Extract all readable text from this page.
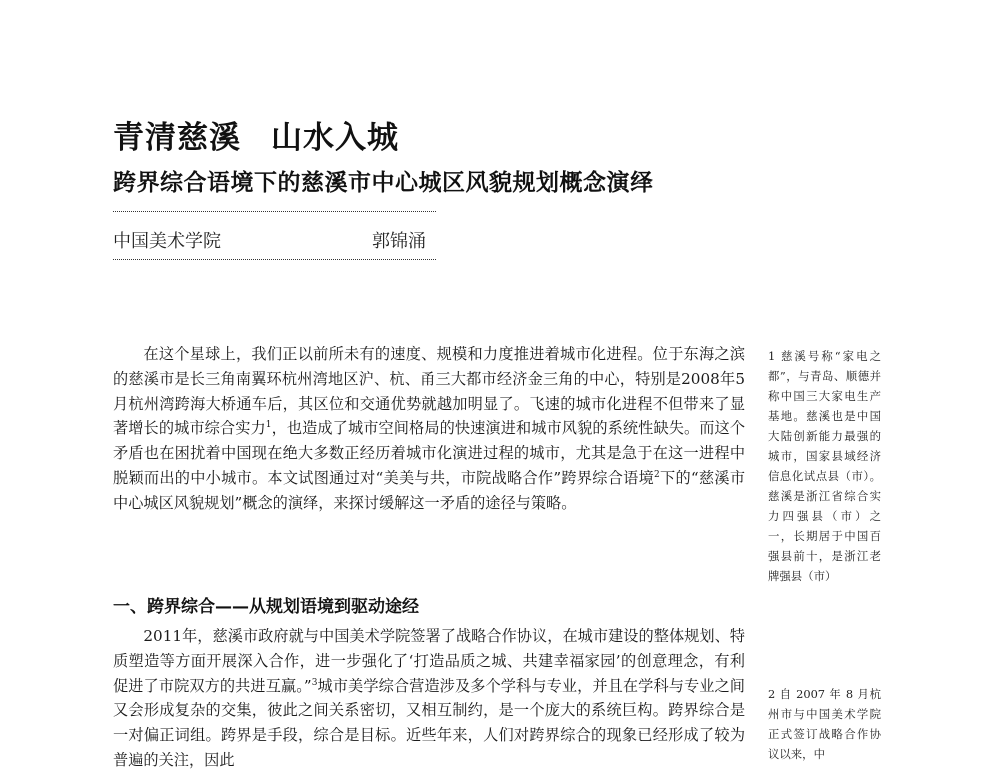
青清慈溪 山水入城
跨界综合语境下的慈溪市中心城区风貌规划概念演绎
中国美术学院	郭锦涌

在这个星球上，我们正以前所未有的速度、规模和力度推进着城市化进程。位于东海之滨的慈溪市是长三角南翼环杭州湾地区沪、杭、甬三大都市经济金三角的中心，特别是2008年5月杭州湾跨海大桥通车后，其区位和交通优势就越加明显了。飞速的城市化进程不但带来了显著增长的城市综合实力$^1$，也造成了城市空间格局的快速演进和城市风貌的系统性缺失。而这个矛盾也在困扰着中国现在绝大多数正经历着城市化演进过程的城市，尤其是急于在这一进程中脱颖而出的中小城市。本文试图通过对“美美与共，市院战略合作”跨界综合语境$^2$下的“慈溪市中心城区风貌规划”概念的演绎，来探讨缓解这一矛盾的途径与策略。

一、跨界综合——从规划语境到驱动途经

2011年，慈溪市政府就与中国美术学院签署了战略合作协议，在城市建设的整体规划、特质塑造等方面开展深入合作，进一步强化了‘打造品质之城、共建幸福家园’的创意理念，有利促进了市院双方的共进互赢。”$^3$城市美学综合营造涉及多个学科与专业，并且在学科与专业之间又会形成复杂的交集，彼此之间关系密切，又相互制约，是一个庞大的系统巨构。跨界综合是一对偏正词组。跨界是手段，综合是目标。近些年来，人们对跨界综合的现象已经形成了较为普遍的关注，因此

1 慈溪号称“家电之都”，与青岛、顺德并称中国三大家电生产基地。慈溪也是中国大陆创新能力最强的城市，国家县域经济信息化试点县（市）。慈溪是浙江省综合实力四强县（市）之一，长期居于中国百强县前十，是浙江老牌强县（市）

2 自 2007 年 8 月杭州市与中国美术学院正式签订战略合作协议以来，中
